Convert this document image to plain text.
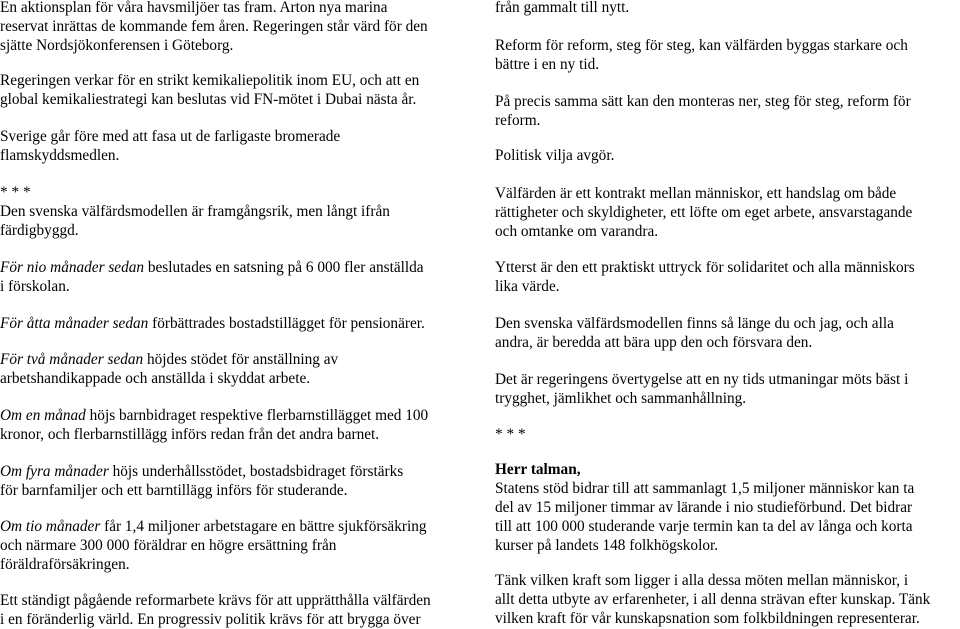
En aktionsplan för våra havsmiljöer tas fram. Arton nya marina
reservat inrättas de kommande fem åren. Regeringen står värd för den
sjätte Nordsjökonferensen i Göteborg.
Regeringen verkar för en strikt kemikaliepolitik inom EU, och att en
global kemikaliestrategi kan beslutas vid FN-mötet i Dubai nästa år.
Sverige går före med att fasa ut de farligaste bromerade
flamskyddsmedlen.
* * *
Den svenska välfärdsmodellen är framgångsrik, men långt ifrån
färdigbyggd.
För nio månader sedan beslutades en satsning på 6 000 fler anställda
i förskolan.
För åtta månader sedan förbättrades bostadstillägget för pensionärer.
För två månader sedan höjdes stödet för anställning av
arbetshandikappade och anställda i skyddat arbete.
Om en månad höjs barnbidraget respektive flerbarnstillägget med 100
kronor, och flerbarnstillägg införs redan från det andra barnet.
Om fyra månader höjs underhållsstödet, bostadsbidraget förstärks
för barnfamiljer och ett barntillägg införs för studerande.
Om tio månader får 1,4 miljoner arbetstagare en bättre sjukförsäkring
och närmare 300 000 föräldrar en högre ersättning från
föräldraförsäkringen.
Ett ständigt pågående reformarbete krävs för att upprätthålla välfärden
i en föränderlig värld. En progressiv politik krävs för att brygga över
från gammalt till nytt.
Reform för reform, steg för steg, kan välfärden byggas starkare och
bättre i en ny tid.
På precis samma sätt kan den monteras ner, steg för steg, reform för
reform.
Politisk vilja avgör.
Välfärden är ett kontrakt mellan människor, ett handslag om både
rättigheter och skyldigheter, ett löfte om eget arbete, ansvarstagande
och omtanke om varandra.
Ytterst är den ett praktiskt uttryck för solidaritet och alla människors
lika värde.
Den svenska välfärdsmodellen finns så länge du och jag, och alla
andra, är beredda att bära upp den och försvara den.
Det är regeringens övertygelse att en ny tids utmaningar möts bäst i
trygghet, jämlikhet och sammanhållning.
* * *
Herr talman,
Statens stöd bidrar till att sammanlagt 1,5 miljoner människor kan ta
del av 15 miljoner timmar av lärande i nio studieförbund. Det bidrar
till att 100 000 studerande varje termin kan ta del av långa och korta
kurser på landets 148 folkhögskolor.
Tänk vilken kraft som ligger i alla dessa möten mellan människor, i
allt detta utbyte av erfarenheter, i all denna strävan efter kunskap. Tänk
vilken kraft för vår kunskapsnation som folkbildningen representerar.
